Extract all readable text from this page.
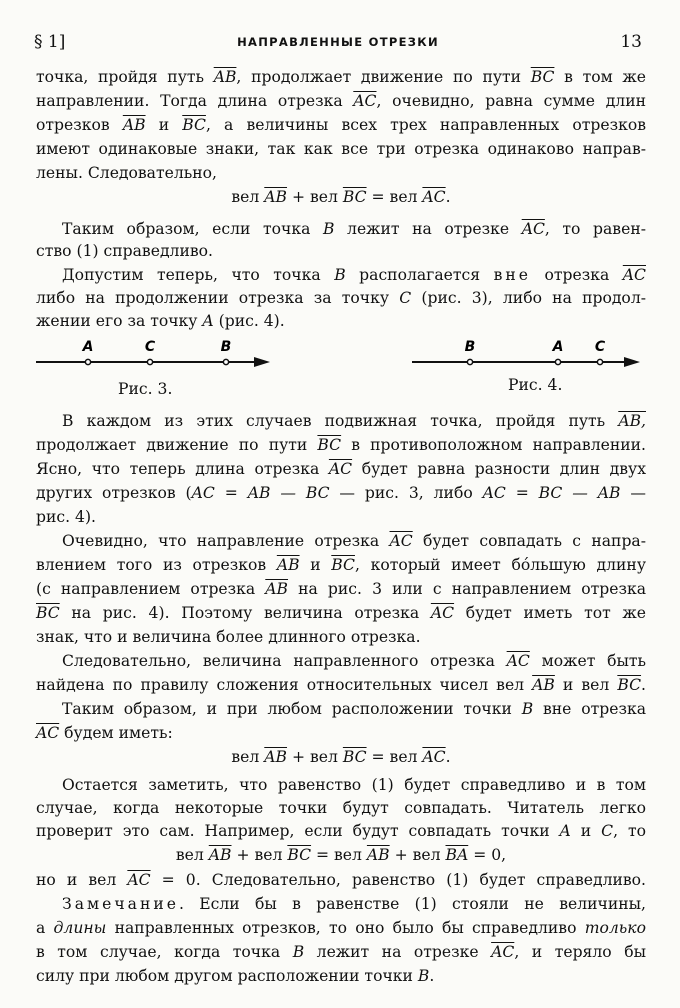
§ 1]	НАПРАВЛЕННЫЕ ОТРЕЗКИ	13
точка, пройдя путь $\overline{AB}$, продолжает движение по пути $\overline{BC}$ в том же
направлении. Тогда длина отрезка $\overline{AC}$, очевидно, равна сумме длин
отрезков $\overline{AB}$ и $\overline{BC}$, а величины всех трех направленных отрезков
имеют одинаковые знаки, так как все три отрезка одинаково направ-
лены. Следовательно,
вел $\overline{AB}$ + вел $\overline{BC}$ = вел $\overline{AC}$.
Таким образом, если точка B лежит на отрезке $\overline{AC}$, то равен-
ство (1) справедливо.
Допустим теперь, что точка B располагается вне отрезка $\overline{AC}$
либо на продолжении отрезка за точку C (рис. 3), либо на продол-
жении его за точку A (рис. 4).
В каждом из этих случаев подвижная точка, пройдя путь AB,
продолжает движение по пути $\overline{BC}$ в противоположном направлении.
Ясно, что теперь длина отрезка $\overline{AC}$ будет равна разности длин двух
других отрезков (AC = AB — BC — рис. 3, либо AC = BC — AB —
рис. 4).
Очевидно, что направление отрезка $\overline{AC}$ будет совпадать с напра-
влением того из отрезков $\overline{AB}$ и $\overline{BC}$, который имеет бóльшую длину
(с направлением отрезка $\overline{AB}$ на рис. 3 или с направлением отрезка
$\overline{BC}$ на рис. 4). Поэтому величина отрезка $\overline{AC}$ будет иметь тот же
знак, что и величина более длинного отрезка.
Следовательно, величина направленного отрезка $\overline{AC}$ может быть
найдена по правилу сложения относительных чисел вел $\overline{AB}$ и вел $\overline{BC}$.
Таким образом, и при любом расположении точки B вне отрезка
$\overline{AC}$ будем иметь:
вел $\overline{AB}$ + вел $\overline{BC}$ = вел $\overline{AC}$.
Остается заметить, что равенство (1) будет справедливо и в том
случае, когда некоторые точки будут совпадать. Читатель легко
проверит это сам. Например, если будут совпадать точки A и C, то
вел $\overline{AB}$ + вел $\overline{BC}$ = вел $\overline{AB}$ + вел $\overline{BA} = 0$,
но и вел $\overline{AC} = 0$. Следовательно, равенство (1) будет справедливо.
Замечание. Если бы в равенстве (1) стояли не величины,
а длины направленных отрезков, то оно было бы справедливо только
в том случае, когда точка B лежит на отрезке $\overline{AC}$, и теряло бы
силу при любом другом расположении точки B.
A	C	B
Рис. 3.
B	A C
Рис. 4.
